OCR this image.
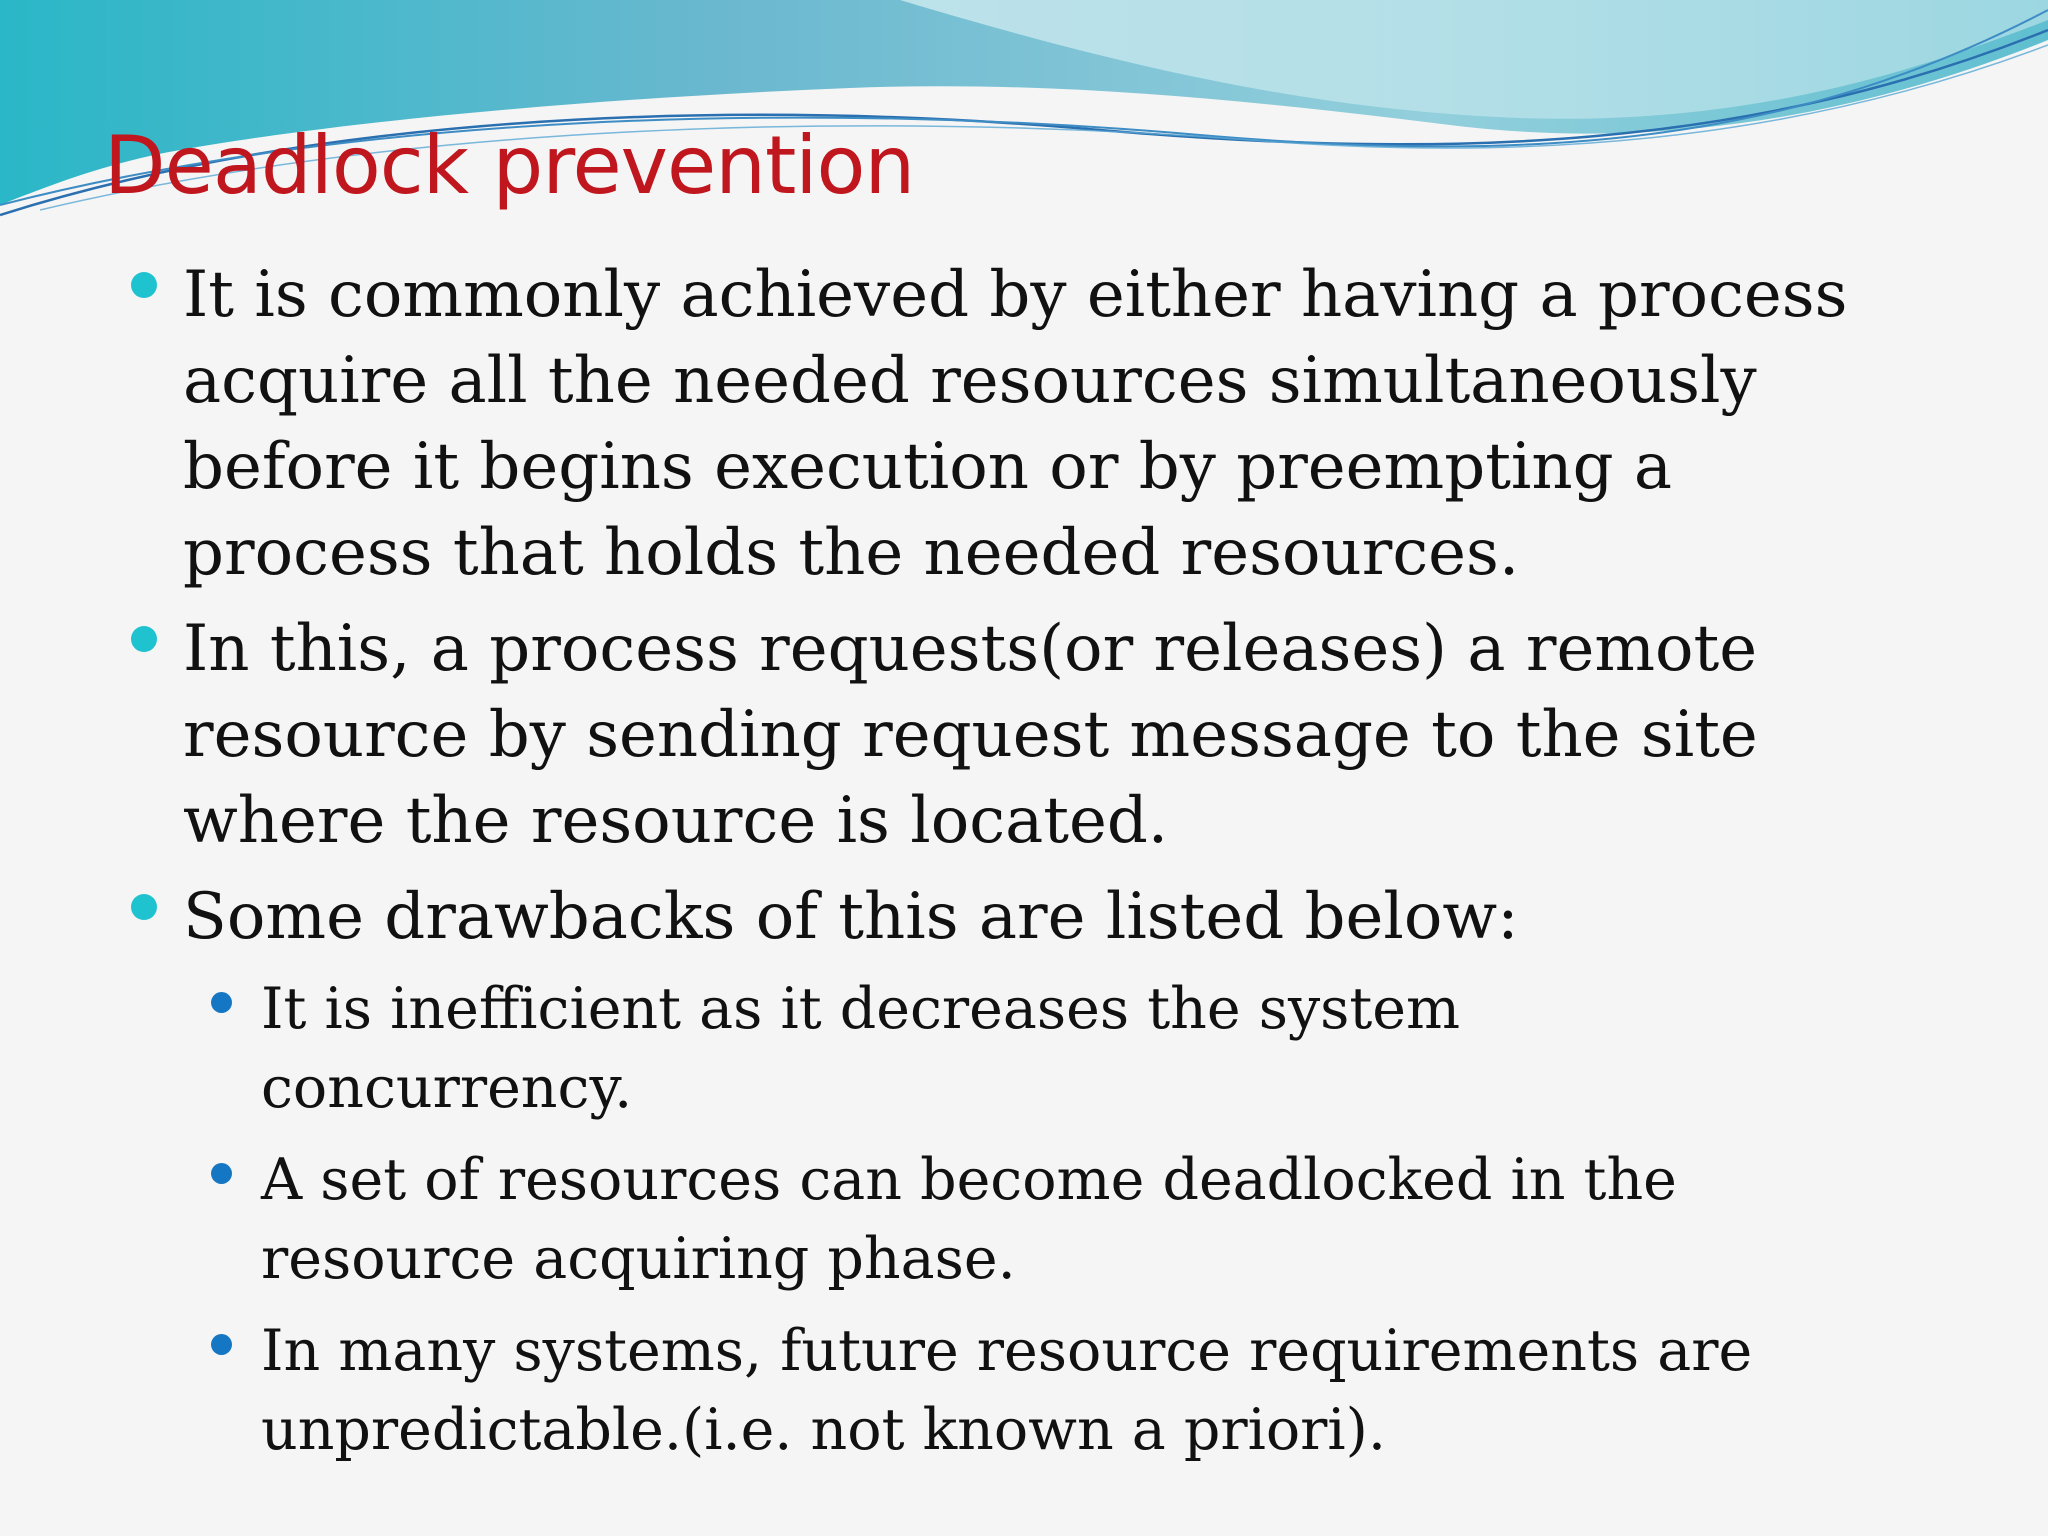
Deadlock prevention
It is commonly achieved by either having a process
acquire all the needed resources simultaneously
before it begins execution or by preempting a
process that holds the needed resources.
In this, a process requests(or releases) a remote
resource by sending request message to the site
where the resource is located.
Some drawbacks of this are listed below:
It is inefficient as it decreases the system
concurrency.
A set of resources can become deadlocked in the
resource acquiring phase.
In many systems, future resource requirements are
unpredictable.(i.e. not known a priori).
